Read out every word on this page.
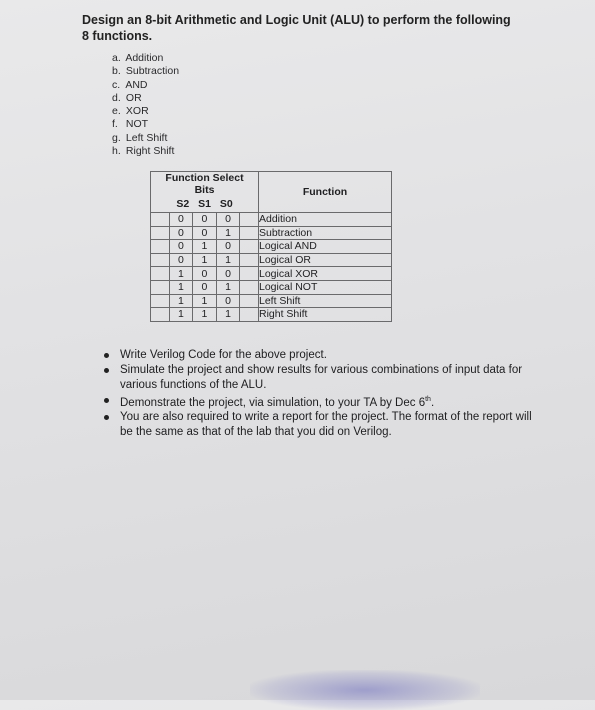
Design an 8-bit Arithmetic and Logic Unit (ALU) to perform the following 8 functions.
a. Addition
b. Subtraction
c. AND
d. OR
e. XOR
f. NOT
g. Left Shift
h. Right Shift
Function Select
Bits
S2 S1 S0					Function
	0	0	0		Addition
	0	0	1		Subtraction
	0	1	0		Logical AND
	0	1	1		Logical OR
	1	0	0		Logical XOR
	1	0	1		Logical NOT
	1	1	0		Left Shift
	1	1	1		Right Shift
Write Verilog Code for the above project.
Simulate the project and show results for various combinations of input data for various functions of the ALU.
Demonstrate the project, via simulation, to your TA by Dec 6th.
You are also required to write a report for the project. The format of the report will be the same as that of the lab that you did on Verilog.
